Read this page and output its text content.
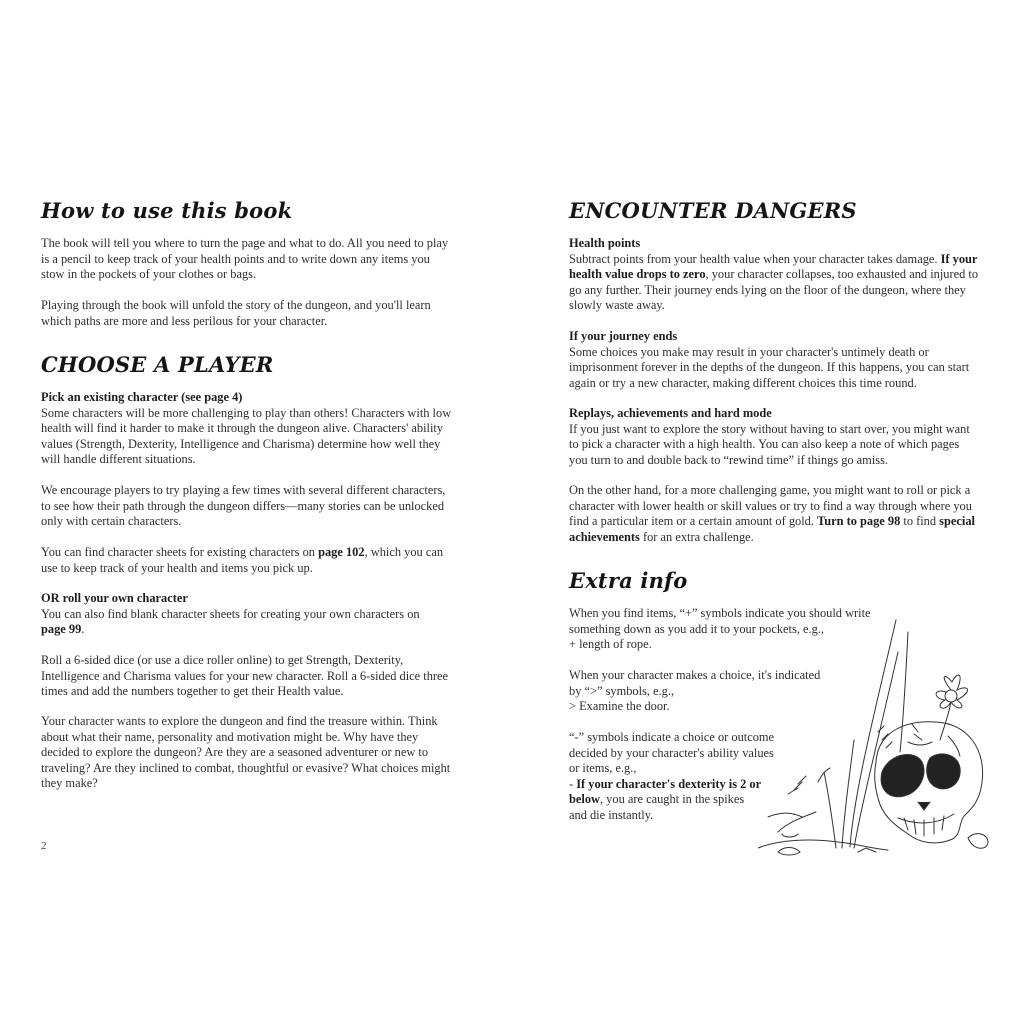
How to use this book
The book will tell you where to turn the page and what to do. All you need to play
is a pencil to keep track of your health points and to write down any items you
stow in the pockets of your clothes or bags.
Playing through the book will unfold the story of the dungeon, and you'll learn
which paths are more and less perilous for your character.
CHOOSE A PLAYER
Pick an existing character (see page 4)
Some characters will be more challenging to play than others! Characters with low
health will find it harder to make it through the dungeon alive. Characters' ability
values (Strength, Dexterity, Intelligence and Charisma) determine how well they
will handle different situations.
We encourage players to try playing a few times with several different characters,
to see how their path through the dungeon differs—many stories can be unlocked
only with certain characters.
You can find character sheets for existing characters on page 102, which you can
use to keep track of your health and items you pick up.
OR roll your own character
You can also find blank character sheets for creating your own characters on
page 99.
Roll a 6-sided dice (or use a dice roller online) to get Strength, Dexterity,
Intelligence and Charisma values for your new character. Roll a 6-sided dice three
times and add the numbers together to get their Health value.
Your character wants to explore the dungeon and find the treasure within. Think
about what their name, personality and motivation might be. Why have they
decided to explore the dungeon? Are they are a seasoned adventurer or new to
traveling? Are they inclined to combat, thoughtful or evasive? What choices might
they make?
2
ENCOUNTER DANGERS
Health points
Subtract points from your health value when your character takes damage. If your
health value drops to zero, your character collapses, too exhausted and injured to
go any further. Their journey ends lying on the floor of the dungeon, where they
slowly waste away.
If your journey ends
Some choices you make may result in your character's untimely death or
imprisonment forever in the depths of the dungeon. If this happens, you can start
again or try a new character, making different choices this time round.
Replays, achievements and hard mode
If you just want to explore the story without having to start over, you might want
to pick a character with a high health. You can also keep a note of which pages
you turn to and double back to “rewind time” if things go amiss.
On the other hand, for a more challenging game, you might want to roll or pick a
character with lower health or skill values or try to find a way through where you
find a particular item or a certain amount of gold. Turn to page 98 to find special
achievements for an extra challenge.
Extra info
When you find items, “+” symbols indicate you should write
something down as you add it to your pockets, e.g.,
+ length of rope.
When your character makes a choice, it's indicated
by “>” symbols, e.g.,
> Examine the door.
“-” symbols indicate a choice or outcome
decided by your character's ability values
or items, e.g.,
- If your character's dexterity is 2 or
below, you are caught in the spikes
and die instantly.
